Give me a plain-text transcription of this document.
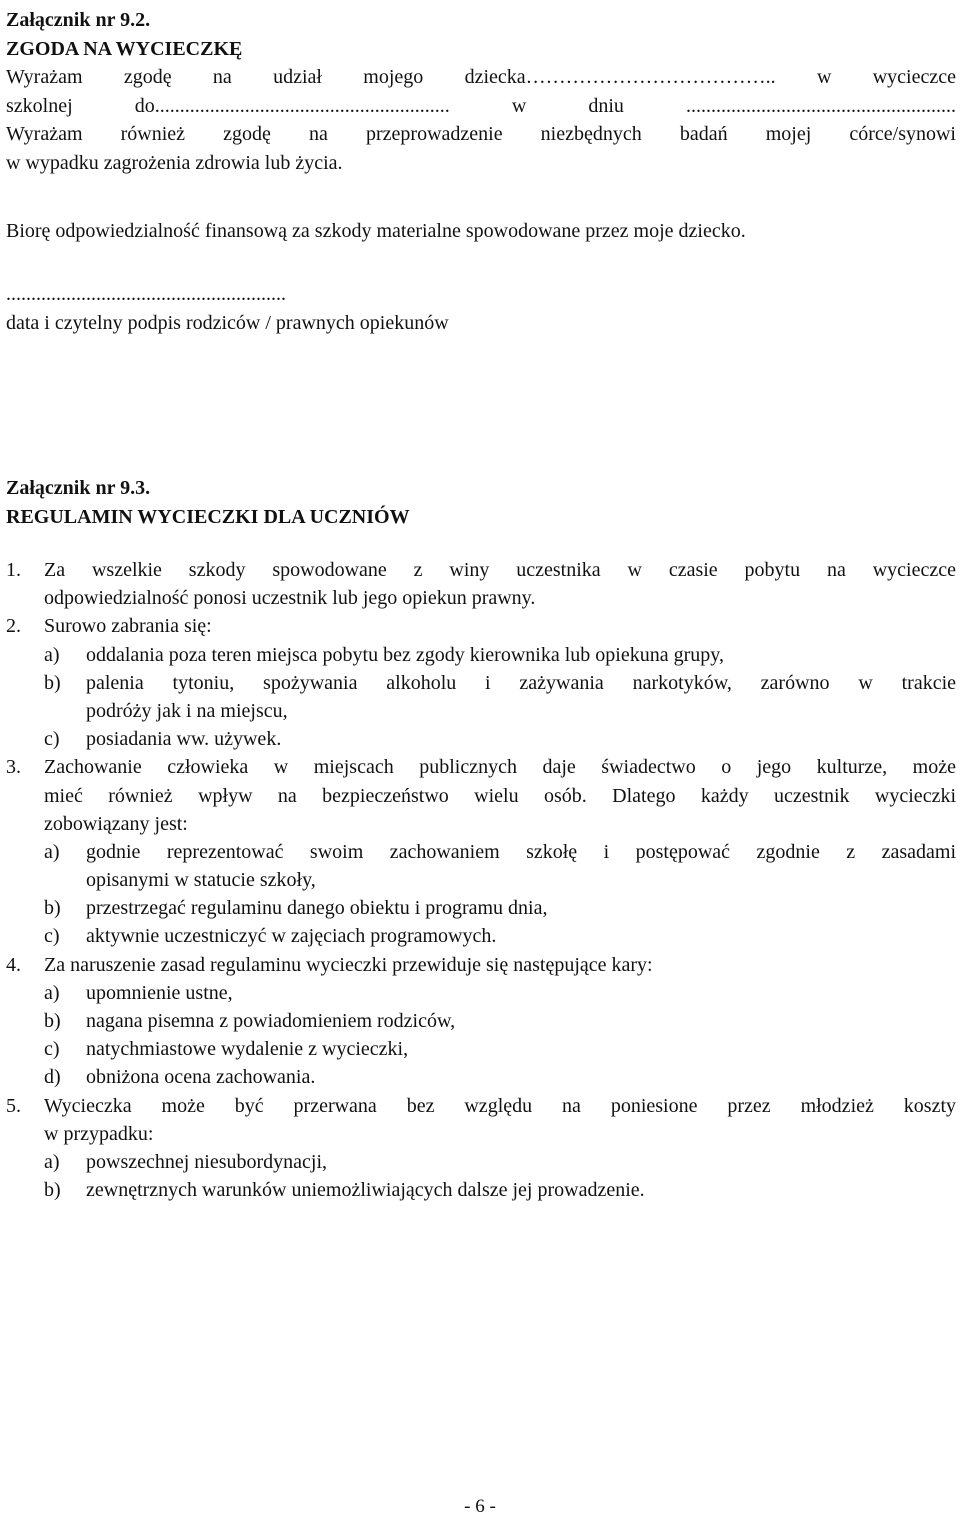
Załącznik nr 9.2.
ZGODA NA WYCIECZKĘ
Wyrażam zgodę na udział mojego dziecka……………………………….. w wycieczce
szkolnej do........................................................... w dniu ......................................................
Wyrażam również zgodę na przeprowadzenie niezbędnych badań mojej córce/synowi
w wypadku zagrożenia zdrowia lub życia.
Biorę odpowiedzialność finansową za szkody materialne spowodowane przez moje dziecko.
........................................................
data i czytelny podpis rodziców / prawnych opiekunów
Załącznik nr 9.3.
REGULAMIN WYCIECZKI DLA UCZNIÓW
1. Za wszelkie szkody spowodowane z winy uczestnika w czasie pobytu na wycieczce
odpowiedzialność ponosi uczestnik lub jego opiekun prawny.
2. Surowo zabrania się:
a) oddalania poza teren miejsca pobytu bez zgody kierownika lub opiekuna grupy,
b) palenia tytoniu, spożywania alkoholu i zażywania narkotyków, zarówno w trakcie
podróży jak i na miejscu,
c) posiadania ww. używek.
3. Zachowanie człowieka w miejscach publicznych daje świadectwo o jego kulturze, może
mieć również wpływ na bezpieczeństwo wielu osób. Dlatego każdy uczestnik wycieczki
zobowiązany jest:
a) godnie reprezentować swoim zachowaniem szkołę i postępować zgodnie z zasadami
opisanymi w statucie szkoły,
b) przestrzegać regulaminu danego obiektu i programu dnia,
c) aktywnie uczestniczyć w zajęciach programowych.
4. Za naruszenie zasad regulaminu wycieczki przewiduje się następujące kary:
a) upomnienie ustne,
b) nagana pisemna z powiadomieniem rodziców,
c) natychmiastowe wydalenie z wycieczki,
d) obniżona ocena zachowania.
5. Wycieczka może być przerwana bez względu na poniesione przez młodzież koszty
w przypadku:
a) powszechnej niesubordynacji,
b) zewnętrznych warunków uniemożliwiających dalsze jej prowadzenie.
- 6 -
